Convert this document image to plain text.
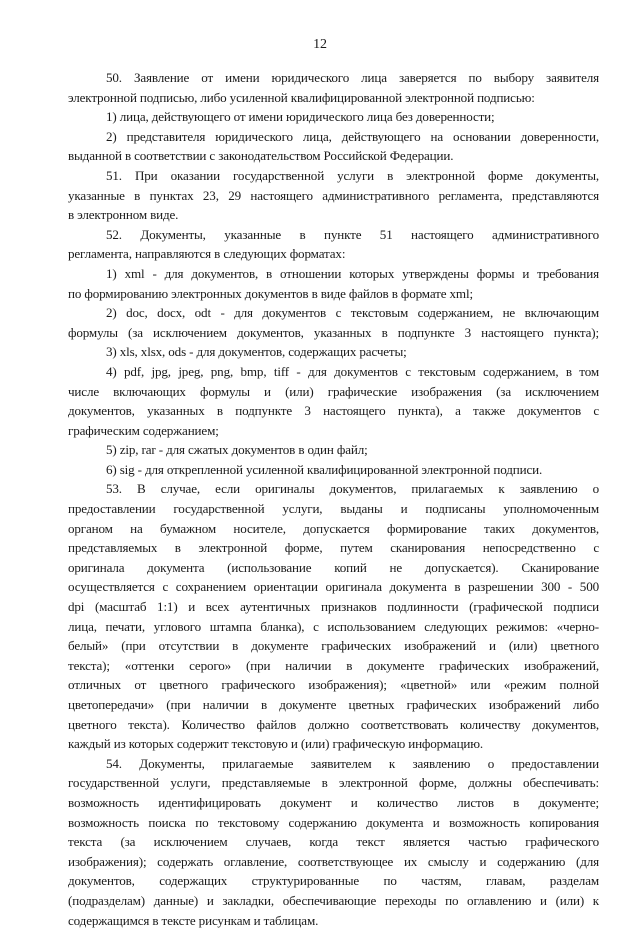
12
50. Заявление от имени юридического лица заверяется по выбору заявителя
электронной подписью, либо усиленной квалифицированной электронной подписью:
1) лица, действующего от имени юридического лица без доверенности;
2) представителя юридического лица, действующего на основании доверенности,
выданной в соответствии с законодательством Российской Федерации.
51. При оказании государственной услуги в электронной форме документы,
указанные в пунктах 23, 29 настоящего административного регламента, представляются
в электронном виде.
52. Документы, указанные в пункте 51 настоящего административного
регламента, направляются в следующих форматах:
1) xml - для документов, в отношении которых утверждены формы и требования
по формированию электронных документов в виде файлов в формате xml;
2) doc, docx, odt - для документов с текстовым содержанием, не включающим
формулы (за исключением документов, указанных в подпункте 3 настоящего пункта);
3) xls, xlsx, ods - для документов, содержащих расчеты;
4) pdf, jpg, jpeg, png, bmp, tiff - для документов с текстовым содержанием, в том
числе включающих формулы и (или) графические изображения (за исключением
документов, указанных в подпункте 3 настоящего пункта), а также документов с
графическим содержанием;
5) zip, rar - для сжатых документов в один файл;
6) sig - для открепленной усиленной квалифицированной электронной подписи.
53. В случае, если оригиналы документов, прилагаемых к заявлению о
предоставлении государственной услуги, выданы и подписаны уполномоченным
органом на бумажном носителе, допускается формирование таких документов,
представляемых в электронной форме, путем сканирования непосредственно с
оригинала документа (использование копий не допускается). Сканирование
осуществляется с сохранением ориентации оригинала документа в разрешении 300 - 500
dpi (масштаб 1:1) и всех аутентичных признаков подлинности (графической подписи
лица, печати, углового штампа бланка), с использованием следующих режимов: «черно-
белый» (при отсутствии в документе графических изображений и (или) цветного
текста); «оттенки серого» (при наличии в документе графических изображений,
отличных от цветного графического изображения); «цветной» или «режим полной
цветопередачи» (при наличии в документе цветных графических изображений либо
цветного текста). Количество файлов должно соответствовать количеству документов,
каждый из которых содержит текстовую и (или) графическую информацию.
54. Документы, прилагаемые заявителем к заявлению о предоставлении
государственной услуги, представляемые в электронной форме, должны обеспечивать:
возможность идентифицировать документ и количество листов в документе;
возможность поиска по текстовому содержанию документа и возможность копирования
текста (за исключением случаев, когда текст является частью графического
изображения); содержать оглавление, соответствующее их смыслу и содержанию (для
документов, содержащих структурированные по частям, главам, разделам
(подразделам) данные) и закладки, обеспечивающие переходы по оглавлению и (или) к
содержащимся в тексте рисункам и таблицам.
